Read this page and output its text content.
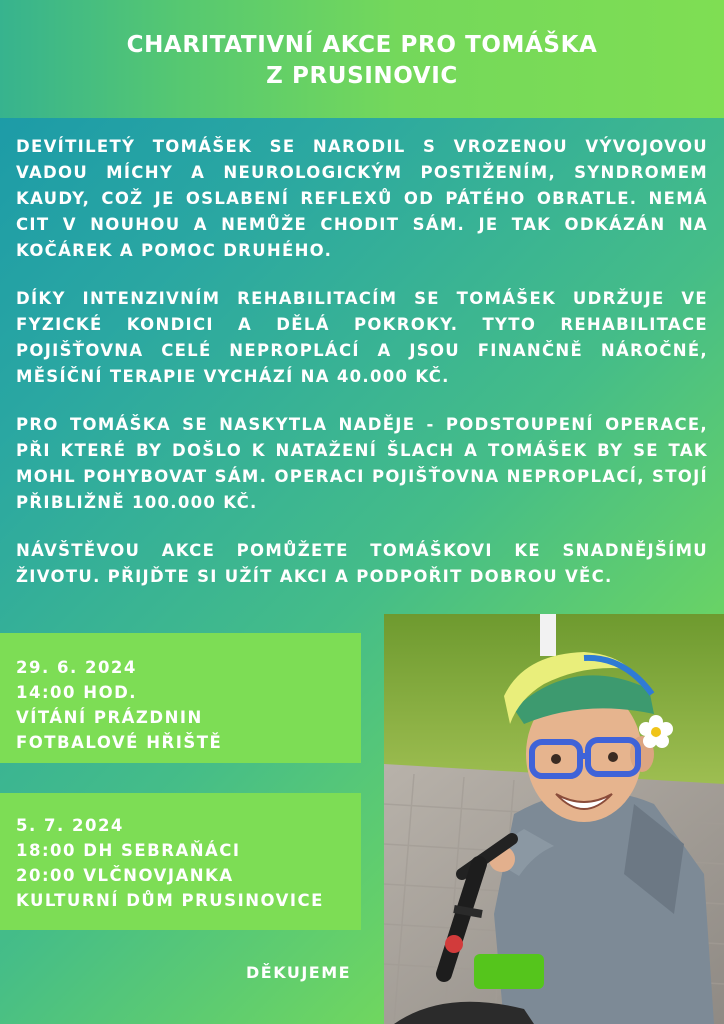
CHARITATIVNÍ AKCE PRO TOMÁŠKA
Z PRUSINOVIC

DEVÍTILETÝ TOMÁŠEK SE NARODIL S VROZENOU VÝVOJOVOU VADOU MÍCHY A NEUROLOGICKÝM POSTIŽENÍM, SYNDROMEM KAUDY, COŽ JE OSLABENÍ REFLEXŮ OD PÁTÉHO OBRATLE. NEMÁ CIT V NOUHOU A NEMŮŽE CHODIT SÁM. JE TAK ODKÁZÁN NA KOČÁREK A POMOC DRUHÉHO.

DÍKY INTENZIVNÍM REHABILITACÍM SE TOMÁŠEK UDRŽUJE VE FYZICKÉ KONDICI A DĚLÁ POKROKY. TYTO REHABILITACE POJIŠŤOVNA CELÉ NEPROPLÁCÍ A JSOU FINANČNĚ NÁROČNÉ, MĚSÍČNÍ TERAPIE VYCHÁZÍ NA 40.000 KČ.

PRO TOMÁŠKA SE NASKYTLA NADĚJE - PODSTOUPENÍ OPERACE, PŘI KTERÉ BY DOŠLO K NATAŽENÍ ŠLACH A TOMÁŠEK BY SE TAK MOHL POHYBOVAT SÁM. OPERACI POJIŠŤOVNA NEPROPLACÍ, STOJÍ PŘIBLIŽNĚ 100.000 KČ.

NÁVŠTĚVOU AKCE POMŮŽETE TOMÁŠKOVI KE SNADNĚJŠÍMU ŽIVOTU. PŘIJĎTE SI UŽÍT AKCI A PODPOŘIT DOBROU VĚC.

29. 6. 2024
14:00 HOD.
VÍTÁNÍ PRÁZDNIN
FOTBALOVÉ HŘIŠTĚ
5. 7. 2024
18:00 DH SEBRAŇÁCI
20:00 VLČNOVJANKA
KULTURNÍ DŮM PRUSINOVICE
DĚKUJEME
